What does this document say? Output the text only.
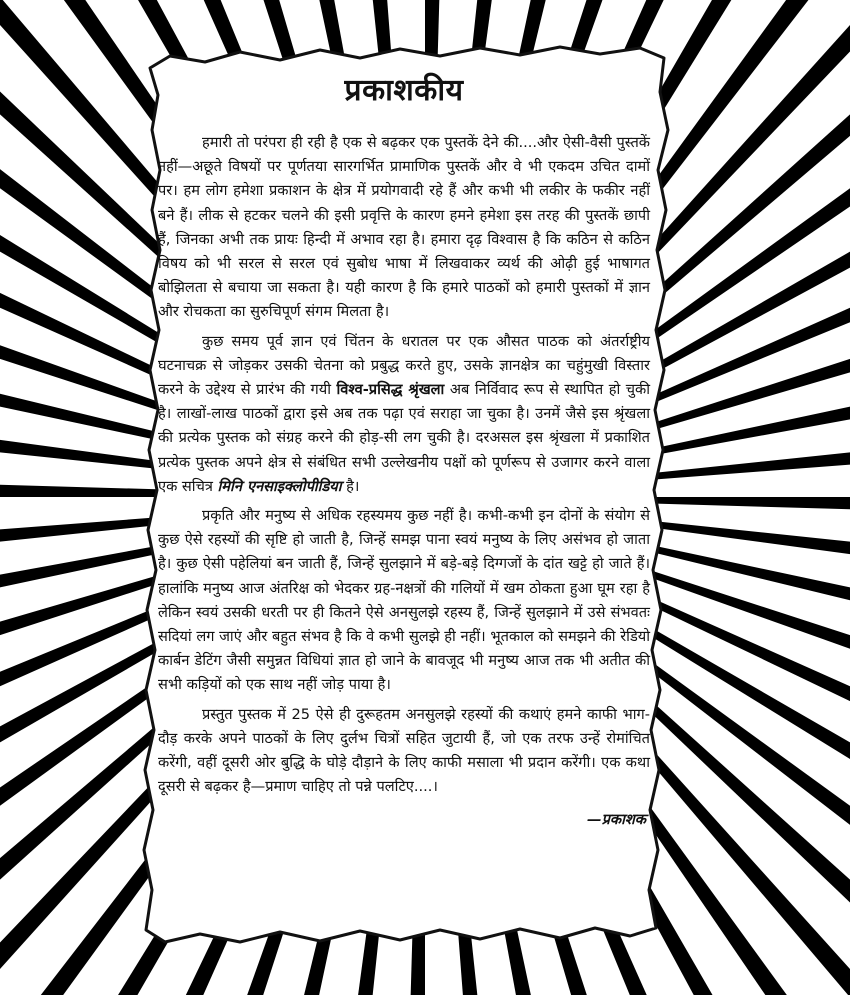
प्रकाशकीय

हमारी तो परंपरा ही रही है एक से बढ़कर एक पुस्तकें देने की....और ऐसी-वैसी पुस्तकें नहीं—अछूते विषयों पर पूर्णतया सारगर्भित प्रामाणिक पुस्तकें और वे भी एकदम उचित दामों पर। हम लोग हमेशा प्रकाशन के क्षेत्र में प्रयोगवादी रहे हैं और कभी भी लकीर के फकीर नहीं बने हैं। लीक से हटकर चलने की इसी प्रवृत्ति के कारण हमने हमेशा इस तरह की पुस्तकें छापी हैं, जिनका अभी तक प्रायः हिन्दी में अभाव रहा है। हमारा दृढ़ विश्वास है कि कठिन से कठिन विषय को भी सरल से सरल एवं सुबोध भाषा में लिखवाकर व्यर्थ की ओढ़ी हुई भाषागत बोझिलता से बचाया जा सकता है। यही कारण है कि हमारे पाठकों को हमारी पुस्तकों में ज्ञान और रोचकता का सुरुचिपूर्ण संगम मिलता है।

कुछ समय पूर्व ज्ञान एवं चिंतन के धरातल पर एक औसत पाठक को अंतर्राष्ट्रीय घटनाचक्र से जोड़कर उसकी चेतना को प्रबुद्ध करते हुए, उसके ज्ञानक्षेत्र का चहुंमुखी विस्तार करने के उद्देश्य से प्रारंभ की गयी विश्व-प्रसिद्ध श्रृंखला अब निर्विवाद रूप से स्थापित हो चुकी है। लाखों-लाख पाठकों द्वारा इसे अब तक पढ़ा एवं सराहा जा चुका है। उनमें जैसे इस श्रृंखला की प्रत्येक पुस्तक को संग्रह करने की होड़-सी लग चुकी है। दरअसल इस श्रृंखला में प्रकाशित प्रत्येक पुस्तक अपने क्षेत्र से संबंधित सभी उल्लेखनीय पक्षों को पूर्णरूप से उजागर करने वाला एक सचित्र मिनि एनसाइक्लोपीडिया है।

प्रकृति और मनुष्य से अधिक रहस्यमय कुछ नहीं है। कभी-कभी इन दोनों के संयोग से कुछ ऐसे रहस्यों की सृष्टि हो जाती है, जिन्हें समझ पाना स्वयं मनुष्य के लिए असंभव हो जाता है। कुछ ऐसी पहेलियां बन जाती हैं, जिन्हें सुलझाने में बड़े-बड़े दिग्गजों के दांत खट्टे हो जाते हैं। हालांकि मनुष्य आज अंतरिक्ष को भेदकर ग्रह-नक्षत्रों की गलियों में खम ठोकता हुआ घूम रहा है लेकिन स्वयं उसकी धरती पर ही कितने ऐसे अनसुलझे रहस्य हैं, जिन्हें सुलझाने में उसे संभवतः सदियां लग जाएं और बहुत संभव है कि वे कभी सुलझे ही नहीं। भूतकाल को समझने की रेडियो कार्बन डेटिंग जैसी समुन्नत विधियां ज्ञात हो जाने के बावजूद भी मनुष्य आज तक भी अतीत की सभी कड़ियों को एक साथ नहीं जोड़ पाया है।

प्रस्तुत पुस्तक में 25 ऐसे ही दुरूहतम अनसुलझे रहस्यों की कथाएं हमने काफी भाग-दौड़ करके अपने पाठकों के लिए दुर्लभ चित्रों सहित जुटायी हैं, जो एक तरफ उन्हें रोमांचित करेंगी, वहीं दूसरी ओर बुद्धि के घोड़े दौड़ाने के लिए काफी मसाला भी प्रदान करेंगी। एक कथा दूसरी से बढ़कर है—प्रमाण चाहिए तो पन्ने पलटिए....।

—प्रकाशक
